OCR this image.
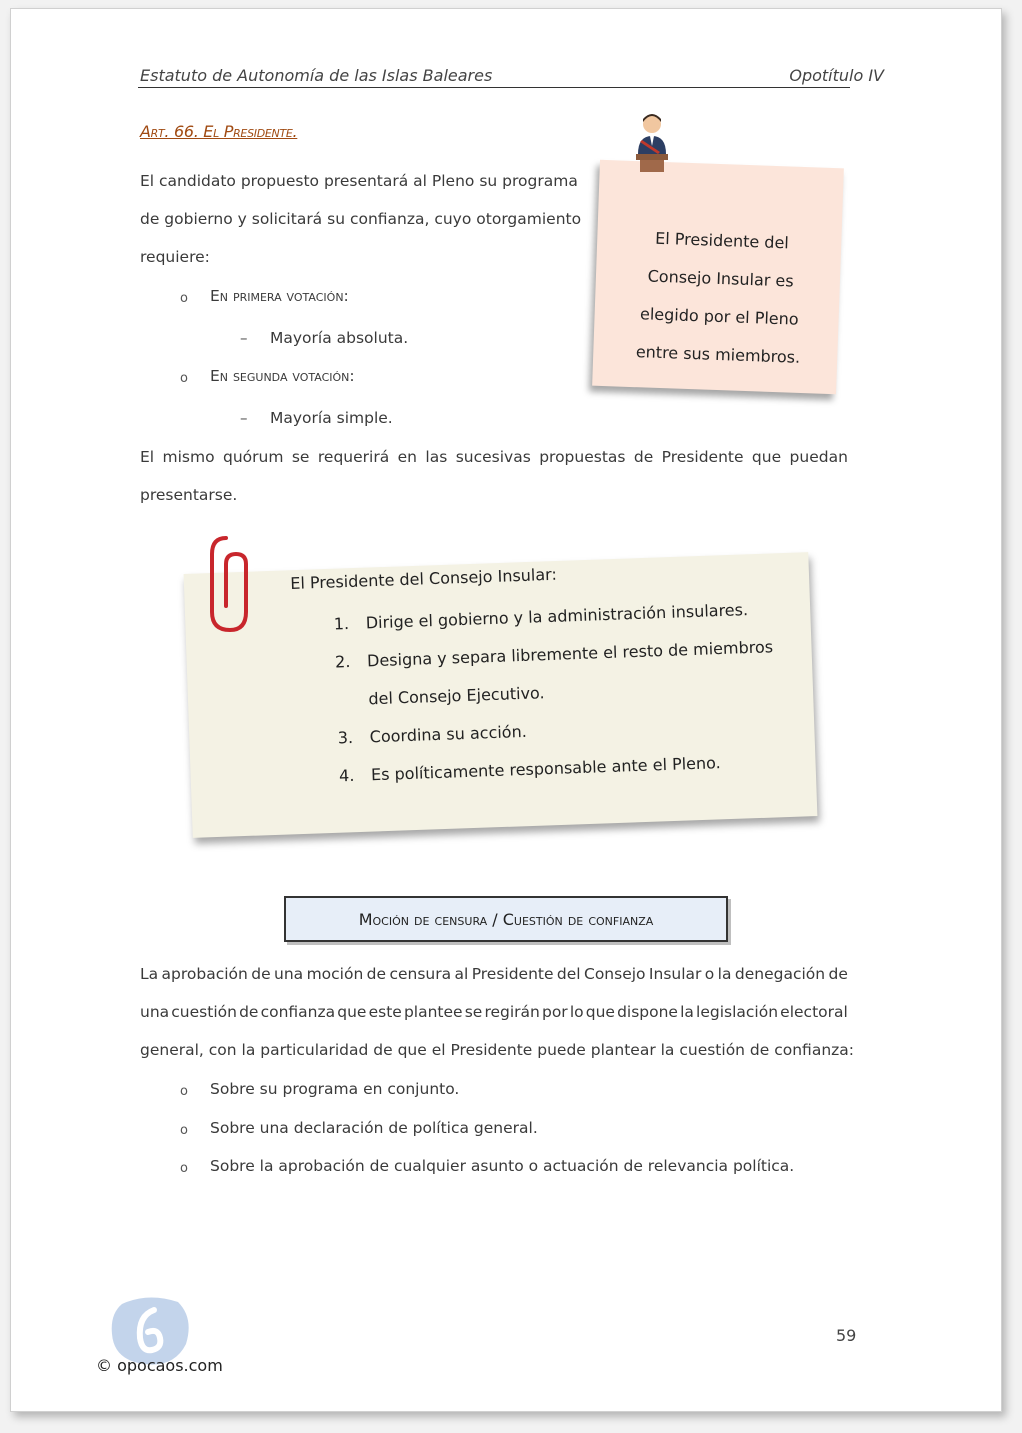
Estatuto de Autonomía de las Islas Baleares	Opotítulo IV
Art. 66. El Presidente.
El candidato propuesto presentará al Pleno su programa
de gobierno y solicitará su confianza, cuyo otorgamiento
requiere:
o En primera votación:
– Mayoría absoluta.
o En segunda votación:
– Mayoría simple.
El mismo quórum se requerirá en las sucesivas propuestas de Presidente que puedan
presentarse.
El Presidente del Consejo Insular es elegido por el Pleno entre sus miembros.
El Presidente del Consejo Insular:
1.	Dirige el gobierno y la administración insulares.
2.	Designa y separa libremente el resto de miembros del Consejo Ejecutivo.
3.	Coordina su acción.
4.	Es políticamente responsable ante el Pleno.
Moción de censura / Cuestión de confianza
La aprobación de una moción de censura al Presidente del Consejo Insular o la denegación de
una cuestión de confianza que este plantee se regirán por lo que dispone la legislación electoral
general, con la particularidad de que el Presidente puede plantear la cuestión de confianza:
o Sobre su programa en conjunto.
o Sobre una declaración de política general.
o Sobre la aprobación de cualquier asunto o actuación de relevancia política.
© opocaos.com
59
